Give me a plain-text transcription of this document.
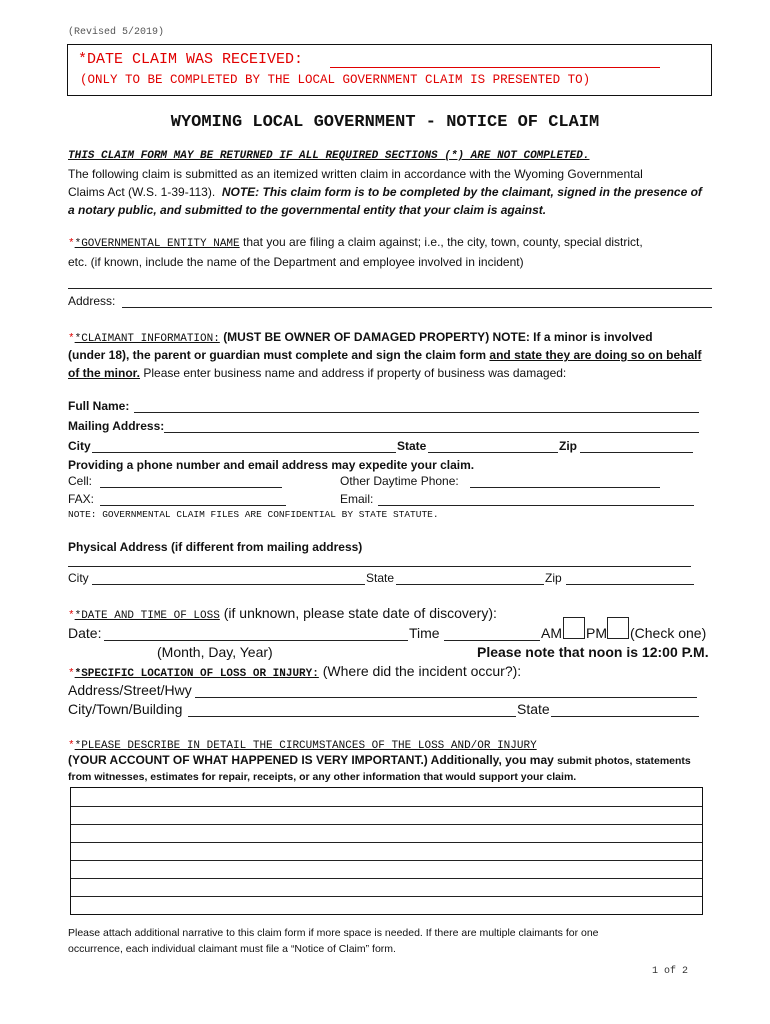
(Revised 5/2019)
*DATE CLAIM WAS RECEIVED:
(ONLY TO BE COMPLETED BY THE LOCAL GOVERNMENT CLAIM IS PRESENTED TO)
WYOMING LOCAL GOVERNMENT - NOTICE OF CLAIM
THIS CLAIM FORM MAY BE RETURNED IF ALL REQUIRED SECTIONS (*) ARE NOT COMPLETED.
The following claim is submitted as an itemized written claim in accordance with the Wyoming Governmental
Claims Act (W.S. 1-39-113). NOTE: This claim form is to be completed by the claimant, signed in the presence of
a notary public, and submitted to the governmental entity that your claim is against.
**GOVERNMENTAL ENTITY NAME that you are filing a claim against; i.e., the city, town, county, special district,
etc. (if known, include the name of the Department and employee involved in incident)
Address:
**CLAIMANT INFORMATION: (MUST BE OWNER OF DAMAGED PROPERTY) NOTE: If a minor is involved
(under 18), the parent or guardian must complete and sign the claim form and state they are doing so on behalf
of the minor. Please enter business name and address if property of business was damaged:
Full Name:
Mailing Address:
City	State	Zip
Providing a phone number and email address may expedite your claim.
Cell:	Other Daytime Phone:
FAX:	Email:
NOTE: GOVERNMENTAL CLAIM FILES ARE CONFIDENTIAL BY STATE STATUTE.
Physical Address (if different from mailing address)
City	State	Zip
**DATE AND TIME OF LOSS (if unknown, please state date of discovery):
Date:	Time	AM PM (Check one)
(Month, Day, Year)	Please note that noon is 12:00 P.M.
**SPECIFIC LOCATION OF LOSS OR INJURY: (Where did the incident occur?):
Address/Street/Hwy
City/Town/Building	State
**PLEASE DESCRIBE IN DETAIL THE CIRCUMSTANCES OF THE LOSS AND/OR INJURY
(YOUR ACCOUNT OF WHAT HAPPENED IS VERY IMPORTANT.) Additionally, you may submit photos, statements
from witnesses, estimates for repair, receipts, or any other information that would support your claim.
Please attach additional narrative to this claim form if more space is needed. If there are multiple claimants for one
occurrence, each individual claimant must file a “Notice of Claim” form.
1 of 2
